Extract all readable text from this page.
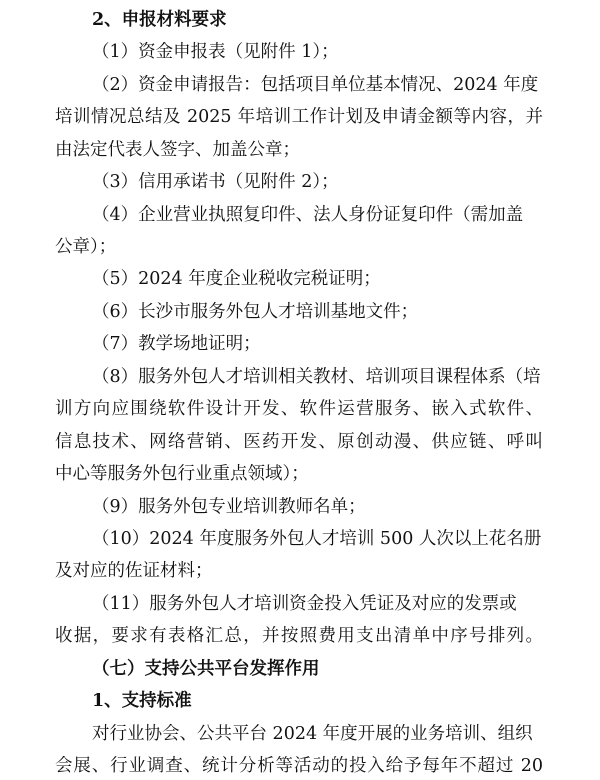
2、申报材料要求
（1）资金申报表（见附件 1）；
（2）资金申请报告：包括项目单位基本情况、2024 年度
培训情况总结及 2025 年培训工作计划及申请金额等内容，并
由法定代表人签字、加盖公章；
（3）信用承诺书（见附件 2）；
（4）企业营业执照复印件、法人身份证复印件（需加盖
公章）；
（5）2024 年度企业税收完税证明；
（6）长沙市服务外包人才培训基地文件；
（7）教学场地证明；
（8）服务外包人才培训相关教材、培训项目课程体系（培
训方向应围绕软件设计开发、软件运营服务、嵌入式软件、
信息技术、网络营销、医药开发、原创动漫、供应链、呼叫
中心等服务外包行业重点领域）；
（9）服务外包专业培训教师名单；
（10）2024 年度服务外包人才培训 500 人次以上花名册
及对应的佐证材料；
（11）服务外包人才培训资金投入凭证及对应的发票或
收据，要求有表格汇总，并按照费用支出清单中序号排列。
（七）支持公共平台发挥作用
1、支持标准
对行业协会、公共平台 2024 年度开展的业务培训、组织
会展、行业调查、统计分析等活动的投入给予每年不超过 20
